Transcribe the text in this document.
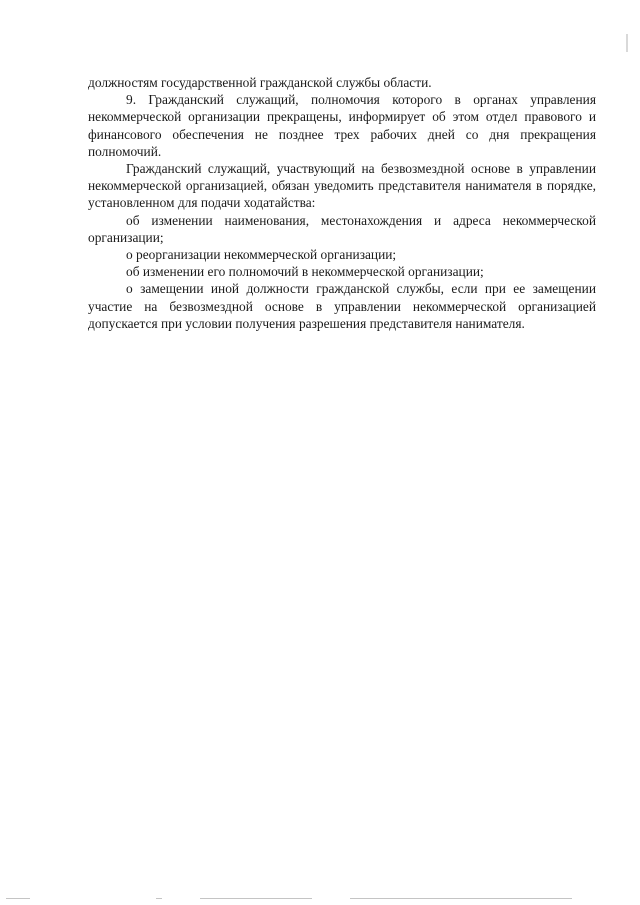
должностям государственной гражданской службы области.

9. Гражданский служащий, полномочия которого в органах управления некоммерческой организации прекращены, информирует об этом отдел правового и финансового обеспечения не позднее трех рабочих дней со дня прекращения полномочий.

Гражданский служащий, участвующий на безвозмездной основе в управлении некоммерческой организацией, обязан уведомить представителя нанимателя в порядке, установленном для подачи ходатайства:

об изменении наименования, местонахождения и адреса некоммерческой организации;

о реорганизации некоммерческой организации;

об изменении его полномочий в некоммерческой организации;

о замещении иной должности гражданской службы, если при ее замещении участие на безвозмездной основе в управлении некоммерческой организацией допускается при условии получения разрешения представителя нанимателя.
